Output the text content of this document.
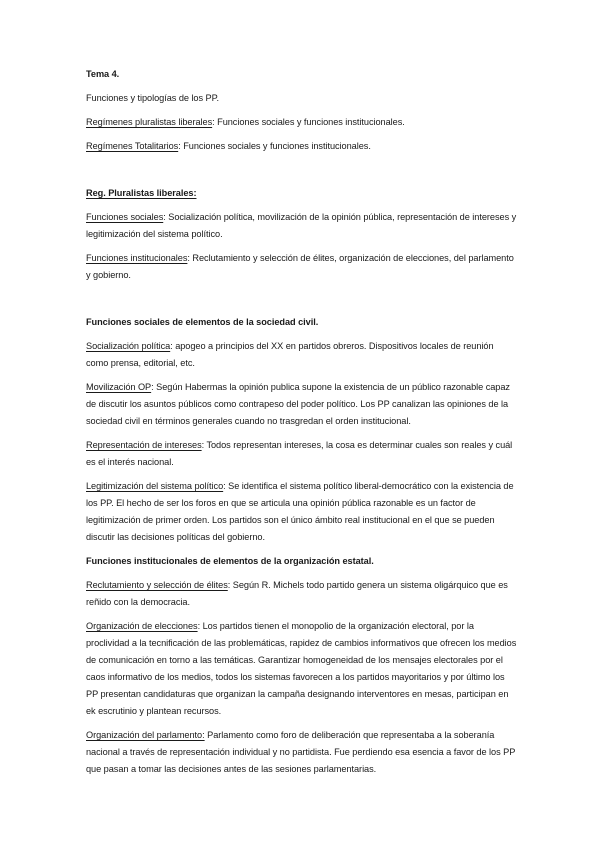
Tema 4.

Funciones y tipologías de los PP.

Regímenes pluralistas liberales: Funciones sociales y funciones institucionales.

Regímenes Totalitarios: Funciones sociales y funciones institucionales.

Reg. Pluralistas liberales:

Funciones sociales: Socialización política, movilización de la opinión pública, representación de intereses y legitimización del sistema político.

Funciones institucionales: Reclutamiento y selección de élites, organización de elecciones, del parlamento y gobierno.

Funciones sociales de elementos de la sociedad civil.

Socialización política: apogeo a principios del XX en partidos obreros. Dispositivos locales de reunión como prensa, editorial, etc.

Movilización OP: Según Habermas la opinión publica supone la existencia de un público razonable capaz de discutir los asuntos públicos como contrapeso del poder político. Los PP canalizan las opiniones de la sociedad civil en términos generales cuando no trasgredan el orden institucional.

Representación de intereses: Todos representan intereses, la cosa es determinar cuales son reales y cuál es el interés nacional.

Legitimización del sistema político: Se identifica el sistema político liberal-democrático con la existencia de los PP. El hecho de ser los foros en que se articula una opinión pública razonable es un factor de legitimización de primer orden. Los partidos son el único ámbito real institucional en el que se pueden discutir las decisiones políticas del gobierno.

Funciones institucionales de elementos de la organización estatal.

Reclutamiento y selección de élites: Según R. Michels todo partido genera un sistema oligárquico que es reñido con la democracia.

Organización de elecciones: Los partidos tienen el monopolio de la organización electoral, por la proclividad a la tecnificación de las problemáticas, rapidez de cambios informativos que ofrecen los medios de comunicación en torno a las temáticas. Garantizar homogeneidad de los mensajes electorales por el caos informativo de los medios, todos los sistemas favorecen a los partidos mayoritarios y por último los PP presentan candidaturas que organizan la campaña designando interventores en mesas, participan en ek escrutinio y plantean recursos.

Organización del parlamento: Parlamento como foro de deliberación que representaba a la soberanía nacional a través de representación individual y no partidista. Fue perdiendo esa esencia a favor de los PP que pasan a tomar las decisiones antes de las sesiones parlamentarias.
